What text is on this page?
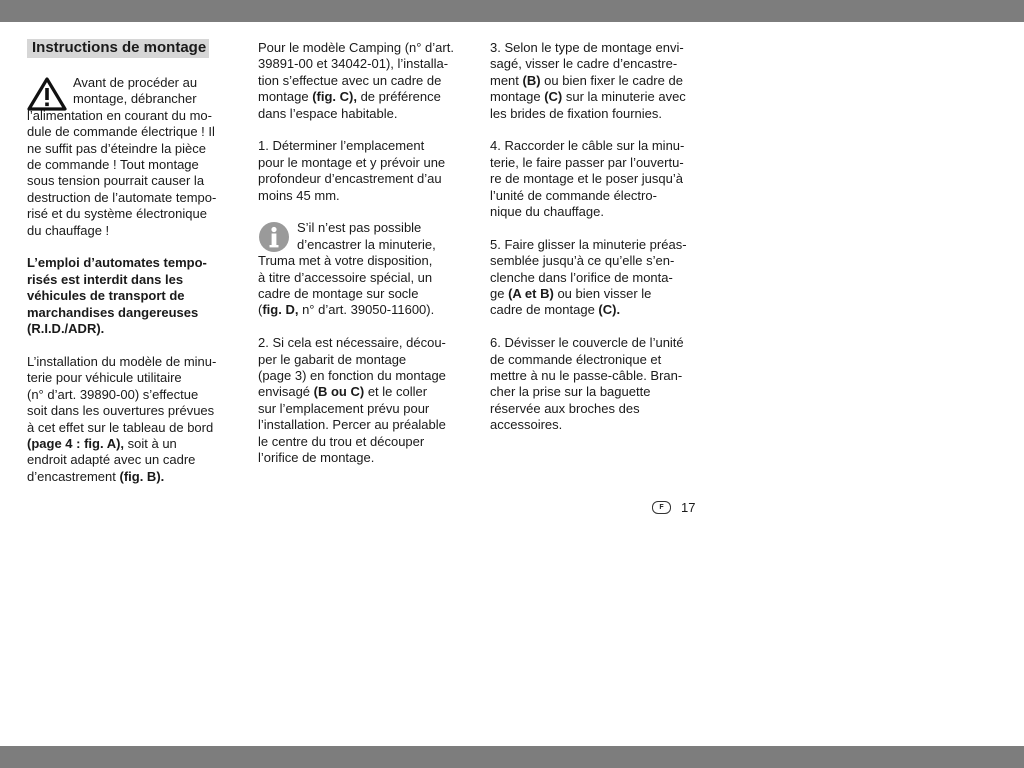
Instructions de montage

Avant de procéder au
montage, débrancher
l’alimentation en courant du mo-
dule de commande électrique ! Il
ne suffit pas d’éteindre la pièce
de commande ! Tout montage
sous tension pourrait causer la
destruction de l’automate tempo-
risé et du système électronique
du chauffage !

L’emploi d’automates tempo-
risés est interdit dans les
véhicules de transport de
marchandises dangereuses
(R.I.D./ADR).

L’installation du modèle de minu-
terie pour véhicule utilitaire
(n° d’art. 39890-00) s’effectue
soit dans les ouvertures prévues
à cet effet sur le tableau de bord
(page 4 : fig. A), soit à un
endroit adapté avec un cadre
d’encastrement (fig. B).

Pour le modèle Camping (n° d’art.
39891-00 et 34042-01), l’installa-
tion s’effectue avec un cadre de
montage (fig. C), de préférence
dans l’espace habitable.

1. Déterminer l’emplacement
pour le montage et y prévoir une
profondeur d’encastrement d’au
moins 45 mm.

S’il n’est pas possible
d’encastrer la minuterie,
Truma met à votre disposition,
à titre d’accessoire spécial, un
cadre de montage sur socle
(fig. D, n° d’art. 39050-11600).

2. Si cela est nécessaire, décou-
per le gabarit de montage
(page 3) en fonction du montage
envisagé (B ou C) et le coller
sur l’emplacement prévu pour
l’installation. Percer au préalable
le centre du trou et découper
l’orifice de montage.

3. Selon le type de montage envi-
sagé, visser le cadre d’encastre-
ment (B) ou bien fixer le cadre de
montage (C) sur la minuterie avec
les brides de fixation fournies.

4. Raccorder le câble sur la minu-
terie, le faire passer par l’ouvertu-
re de montage et le poser jusqu’à
l’unité de commande électro-
nique du chauffage.

5. Faire glisser la minuterie préas-
semblée jusqu’à ce qu’elle s’en-
clenche dans l’orifice de monta-
ge (A et B) ou bien visser le
cadre de montage (C).

6. Dévisser le couvercle de l’unité
de commande électronique et
mettre à nu le passe-câble. Bran-
cher la prise sur la baguette
réservée aux broches des
accessoires.

F	17
